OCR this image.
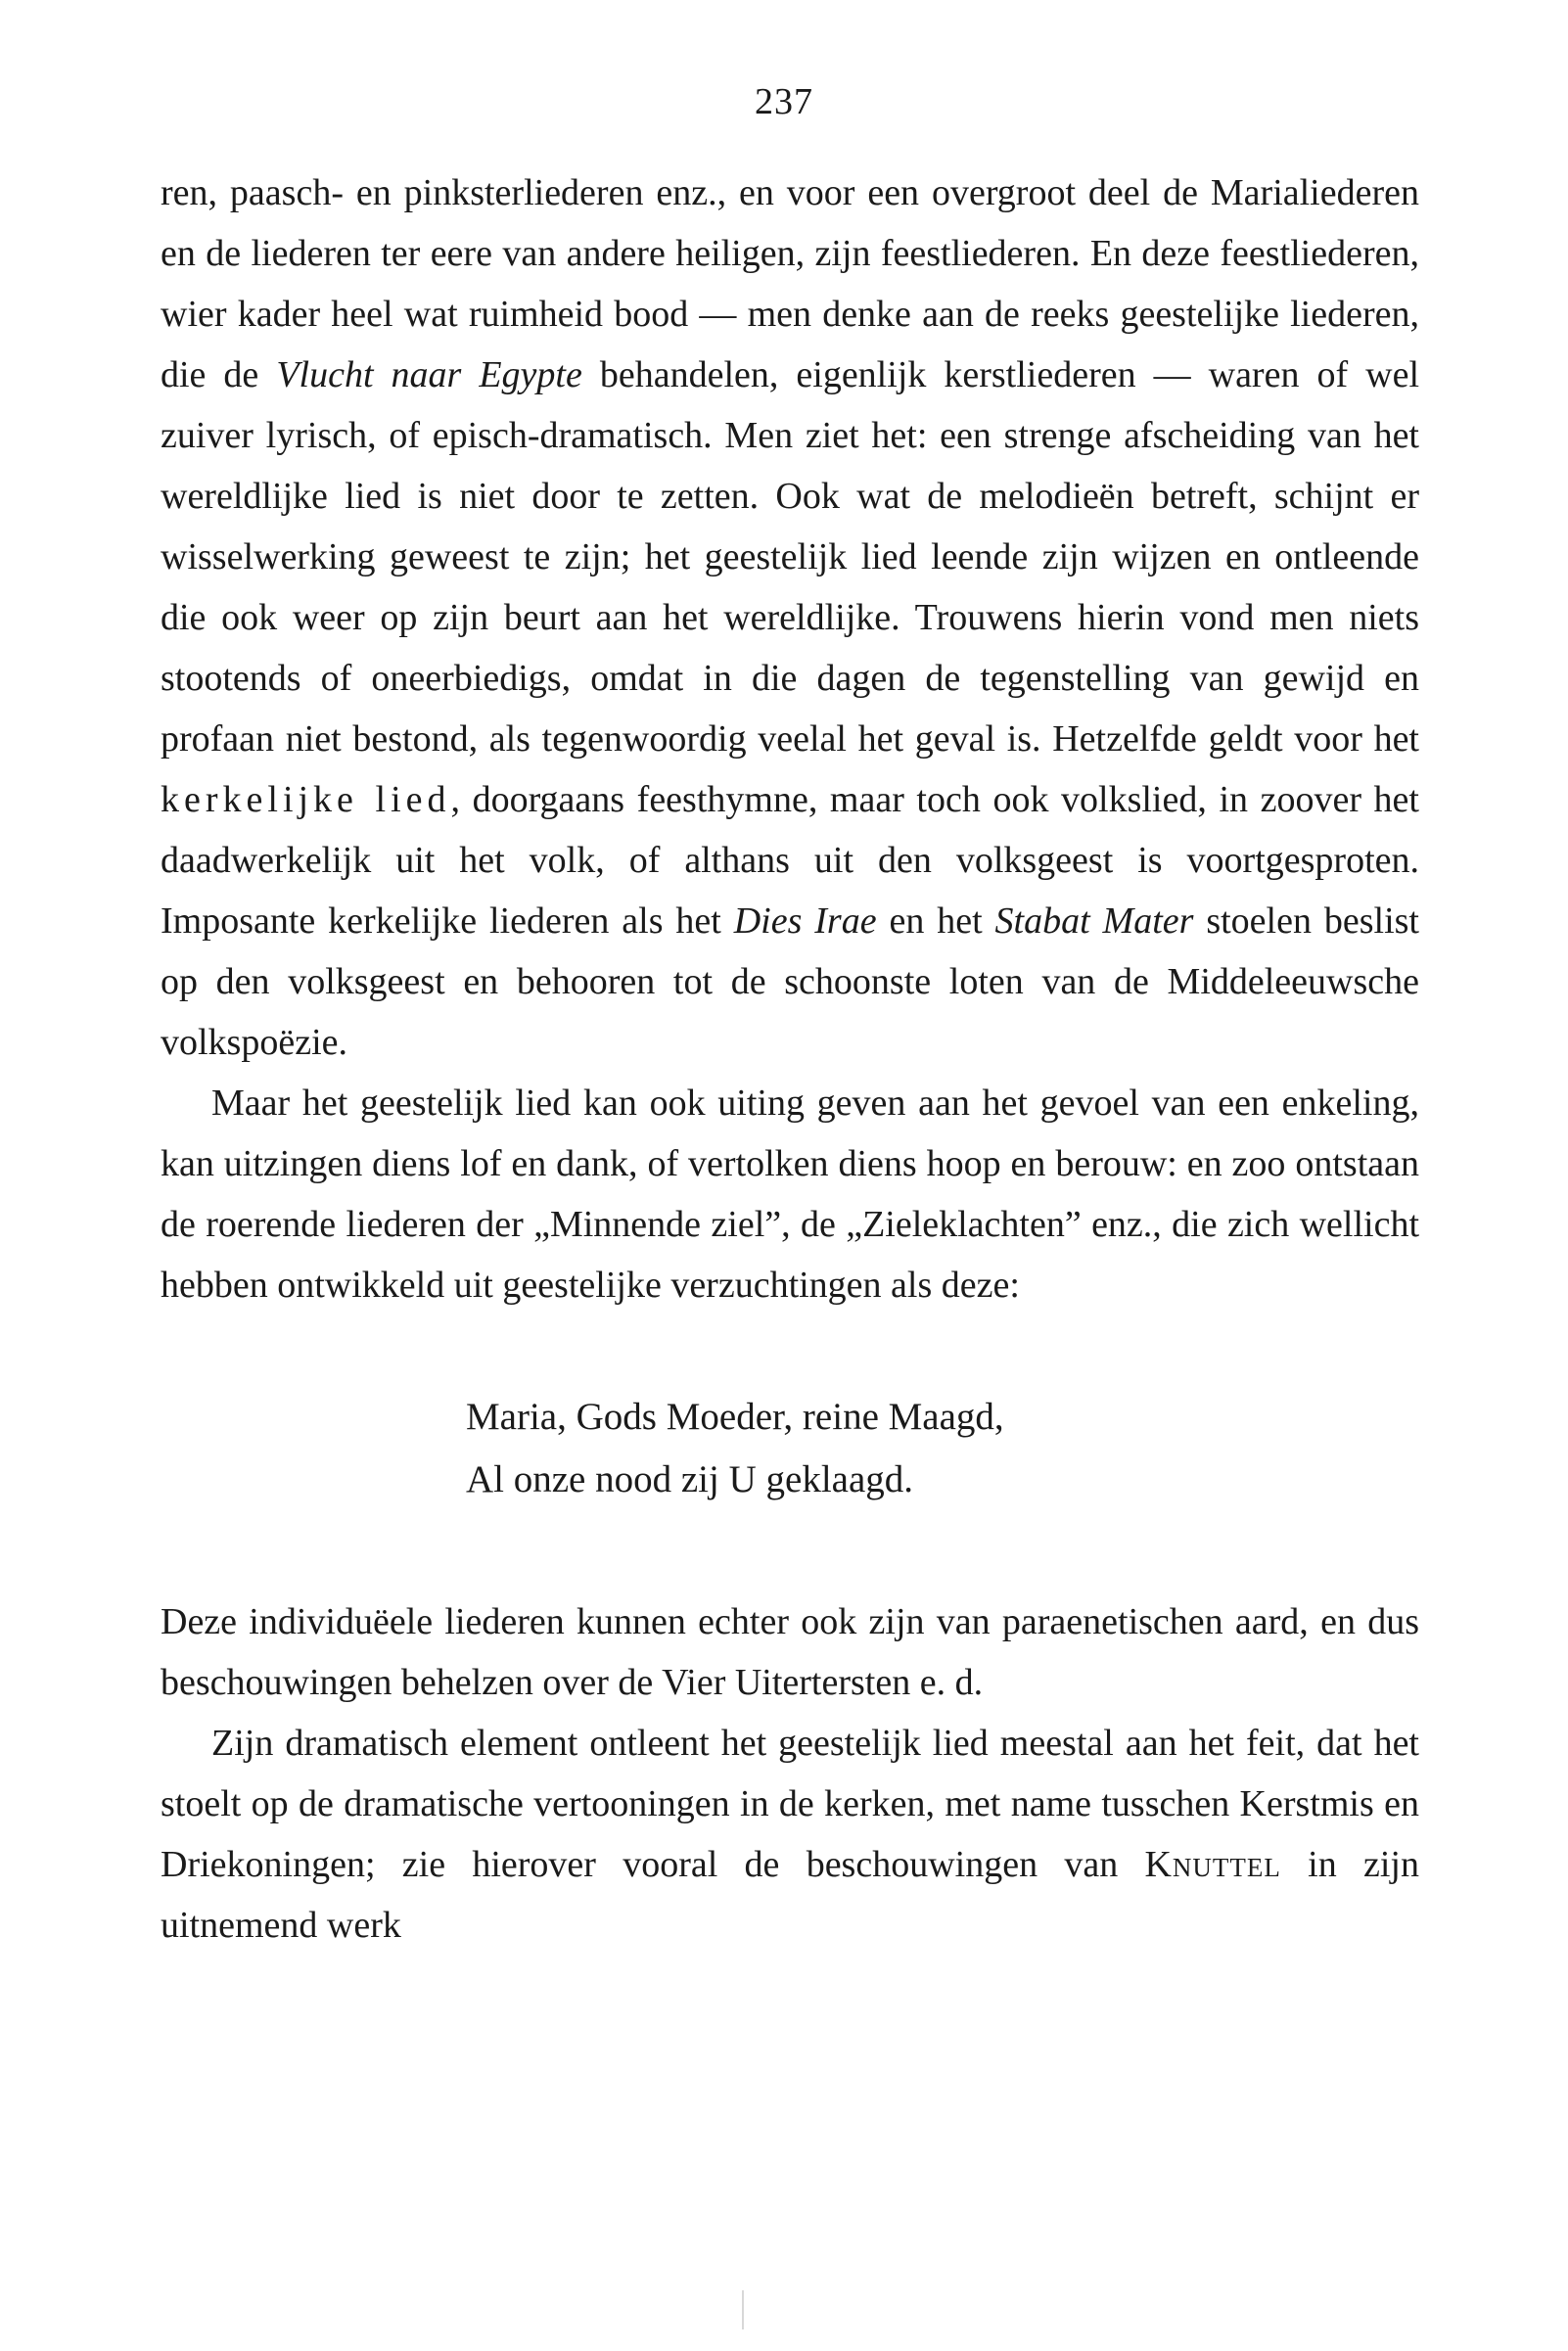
237

ren, paasch- en pinksterliederen enz., en voor een overgroot deel de Marialiederen en de liederen ter eere van andere heiligen, zijn feestliederen. En deze feestliederen, wier kader heel wat ruimheid bood — men denke aan de reeks geestelijke liederen, die de Vlucht naar Egypte behandelen, eigenlijk kerstliederen — waren of wel zuiver lyrisch, of episch-dramatisch. Men ziet het: een strenge afscheiding van het wereldlijke lied is niet door te zetten. Ook wat de melodieën betreft, schijnt er wisselwerking geweest te zijn; het geestelijk lied leende zijn wijzen en ontleende die ook weer op zijn beurt aan het wereldlijke. Trouwens hierin vond men niets stootends of oneerbiedigs, omdat in die dagen de tegenstelling van gewijd en profaan niet bestond, als tegenwoordig veelal het geval is. Hetzelfde geldt voor het kerkelijke lied, doorgaans feesthymne, maar toch ook volkslied, in zoover het daadwerkelijk uit het volk, of althans uit den volksgeest is voortgesproten. Imposante kerkelijke liederen als het Dies Irae en het Stabat Mater stoelen beslist op den volksgeest en behooren tot de schoonste loten van de Middeleeuwsche volkspoëzie.

Maar het geestelijk lied kan ook uiting geven aan het gevoel van een enkeling, kan uitzingen diens lof en dank, of vertolken diens hoop en berouw: en zoo ontstaan de roerende liederen der „Minnende ziel”, de „Zieleklachten” enz., die zich wellicht hebben ontwikkeld uit geestelijke verzuchtingen als deze:

Maria, Gods Moeder, reine Maagd,
Al onze nood zij U geklaagd.

Deze individuëele liederen kunnen echter ook zijn van paraenetischen aard, en dus beschouwingen behelzen over de Vier Uitertersten e. d.

Zijn dramatisch element ontleent het geestelijk lied meestal aan het feit, dat het stoelt op de dramatische vertooningen in de kerken, met name tusschen Kerstmis en Driekoningen; zie hierover vooral de beschouwingen van Knuttel in zijn uitnemend werk
